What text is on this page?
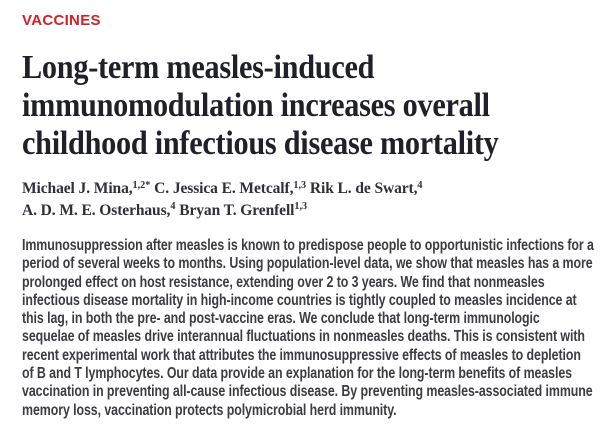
VACCINES
Long-term measles-induced
immunomodulation increases overall
childhood infectious disease mortality
Michael J. Mina,$^{1,2*}$ C. Jessica E. Metcalf,$^{1,3}$ Rik L. de Swart,$^4$
A. D. M. E. Osterhaus,$^4$ Bryan T. Grenfell$^{1,3}$

Immunosuppression after measles is known to predispose people to opportunistic infections for a period of several weeks to months. Using population-level data, we show that measles has a more prolonged effect on host resistance, extending over 2 to 3 years. We find that nonmeasles infectious disease mortality in high-income countries is tightly coupled to measles incidence at this lag, in both the pre- and post-vaccine eras. We conclude that long-term immunologic sequelae of measles drive interannual fluctuations in nonmeasles deaths. This is consistent with recent experimental work that attributes the immunosuppressive effects of measles to depletion of B and T lymphocytes. Our data provide an explanation for the long-term benefits of measles vaccination in preventing all-cause infectious disease. By preventing measles-associated immune memory loss, vaccination protects polymicrobial herd immunity.
